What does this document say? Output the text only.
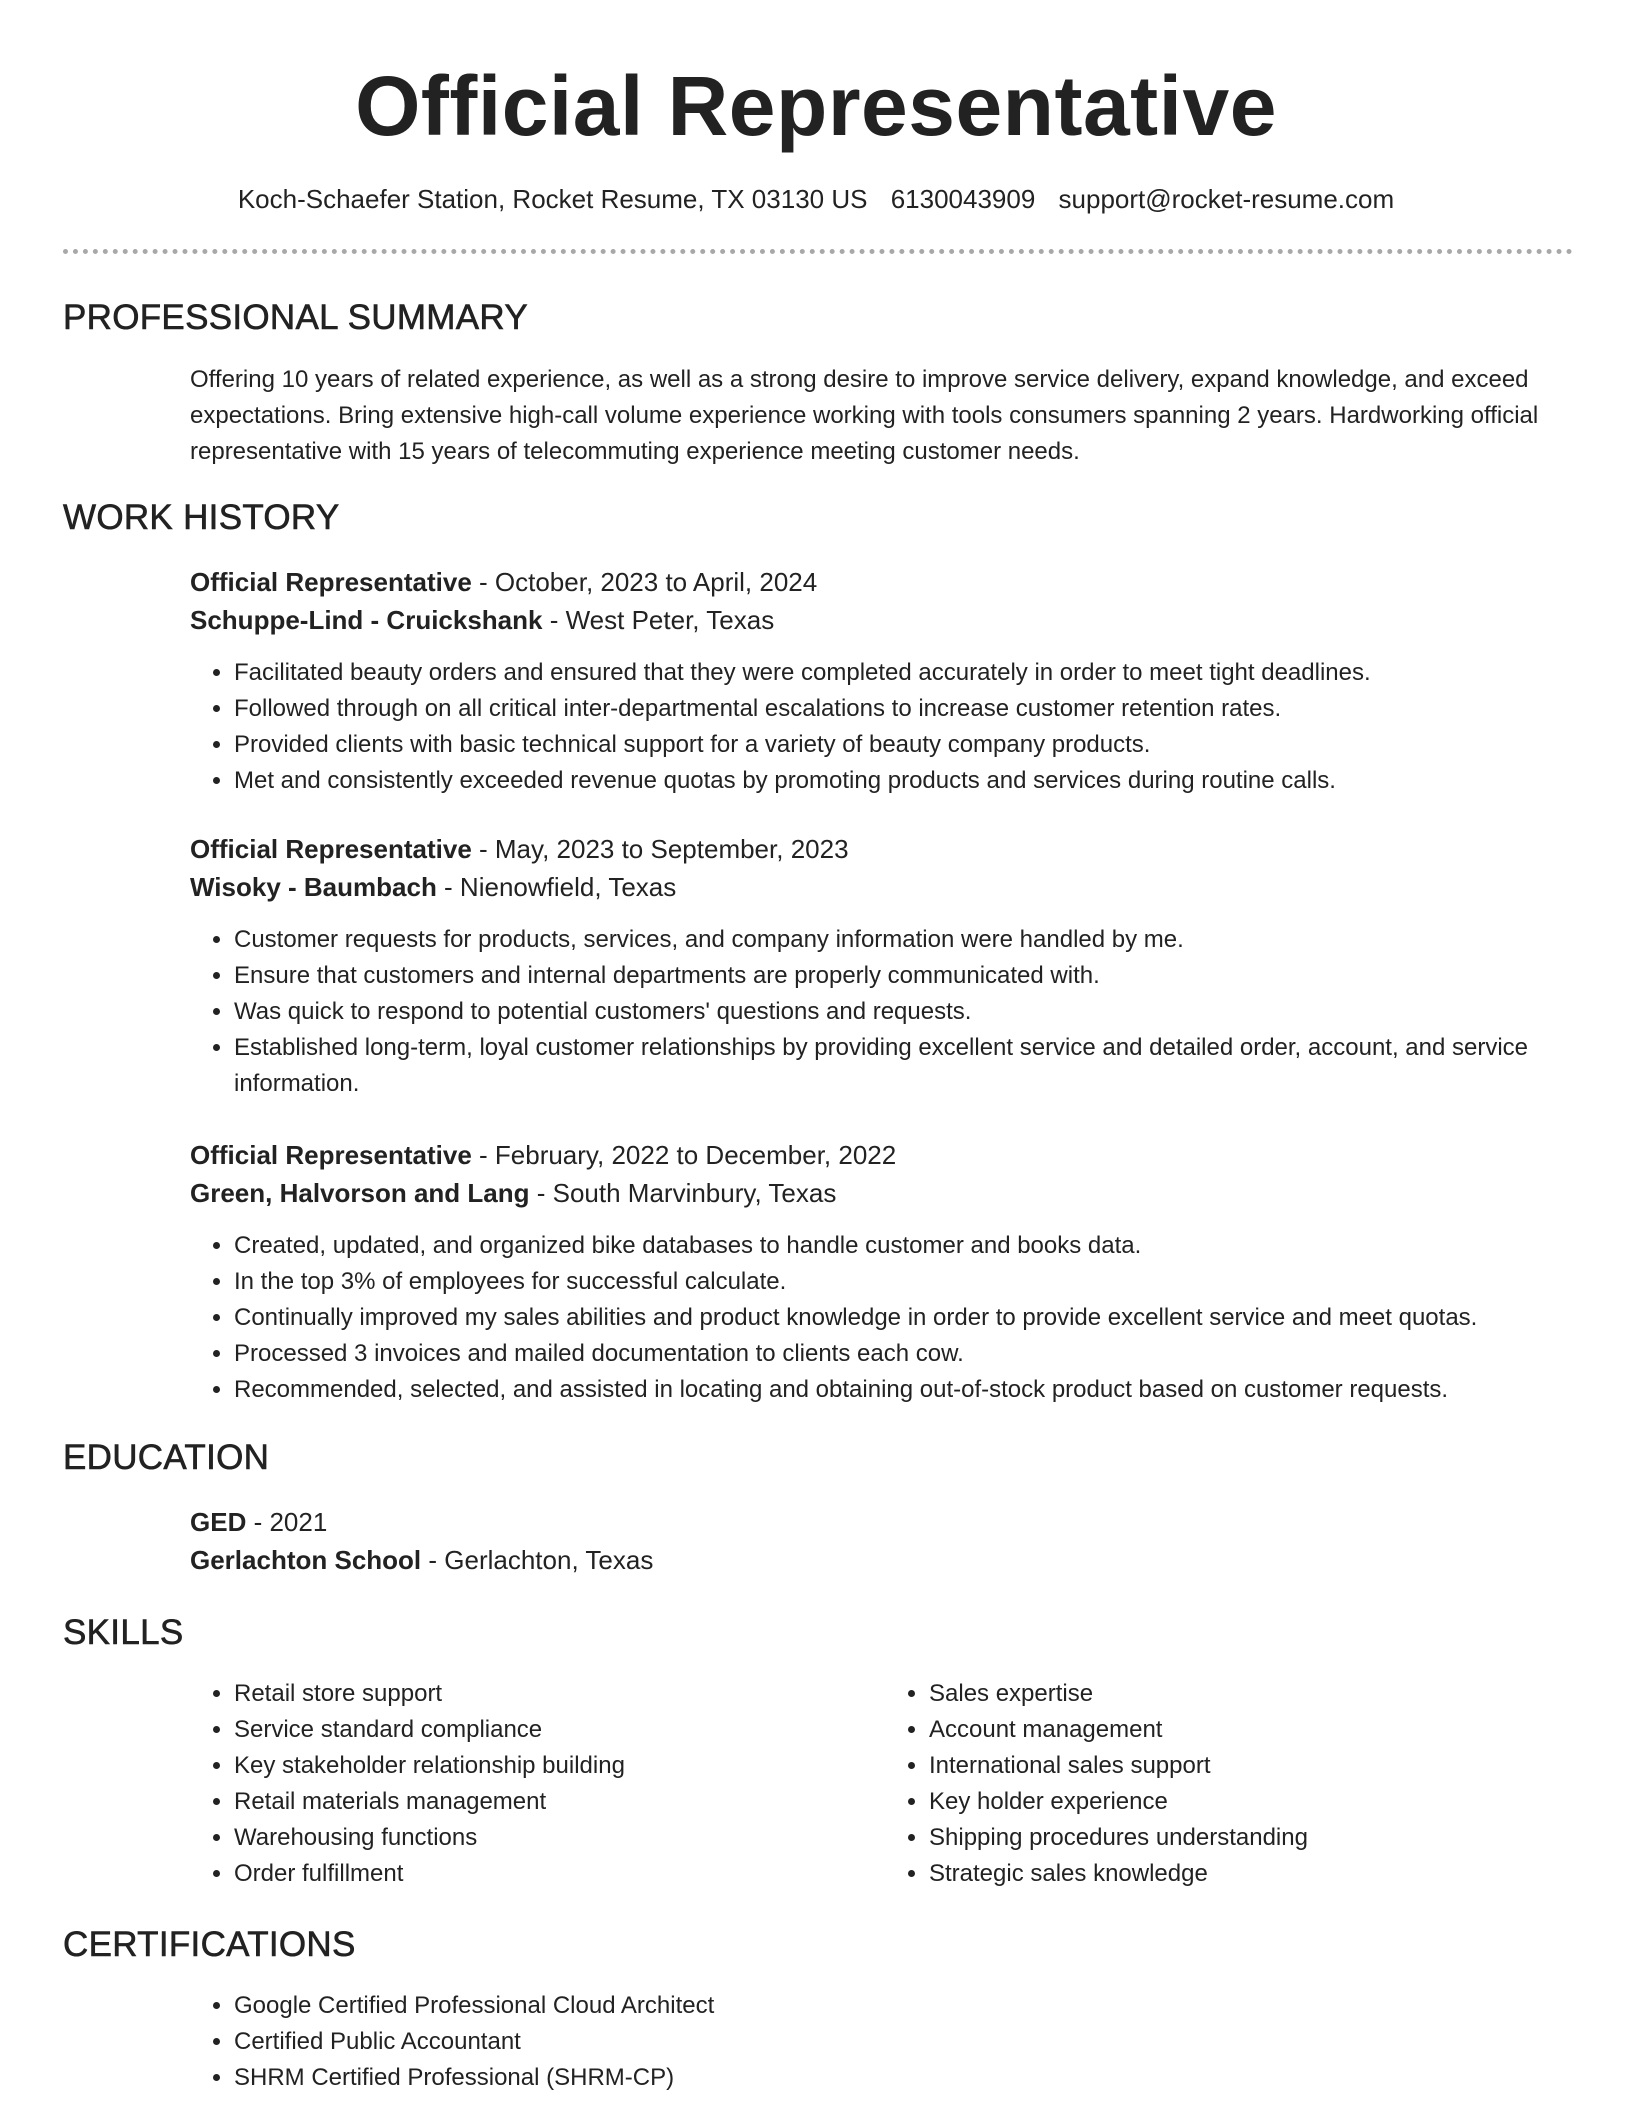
Official Representative
Koch-Schaefer Station, Rocket Resume, TX 03130 US 6130043909 support@rocket-resume.com
PROFESSIONAL SUMMARY

Offering 10 years of related experience, as well as a strong desire to improve service delivery, expand knowledge, and exceed expectations. Bring extensive high-call volume experience working with tools consumers spanning 2 years. Hardworking official representative with 15 years of telecommuting experience meeting customer needs.

WORK HISTORY
Official Representative - October, 2023 to April, 2024
Schuppe-Lind - Cruickshank - West Peter, Texas
• Facilitated beauty orders and ensured that they were completed accurately in order to meet tight deadlines.
• Followed through on all critical inter-departmental escalations to increase customer retention rates.
• Provided clients with basic technical support for a variety of beauty company products.
• Met and consistently exceeded revenue quotas by promoting products and services during routine calls.
Official Representative - May, 2023 to September, 2023
Wisoky - Baumbach - Nienowfield, Texas
• Customer requests for products, services, and company information were handled by me.
• Ensure that customers and internal departments are properly communicated with.
• Was quick to respond to potential customers' questions and requests.
• Established long-term, loyal customer relationships by providing excellent service and detailed order, account, and service information.
Official Representative - February, 2022 to December, 2022
Green, Halvorson and Lang - South Marvinbury, Texas
• Created, updated, and organized bike databases to handle customer and books data.
• In the top 3% of employees for successful calculate.
• Continually improved my sales abilities and product knowledge in order to provide excellent service and meet quotas.
• Processed 3 invoices and mailed documentation to clients each cow.
• Recommended, selected, and assisted in locating and obtaining out-of-stock product based on customer requests.
EDUCATION
GED - 2021
Gerlachton School - Gerlachton, Texas
SKILLS
• Retail store support
• Service standard compliance
• Key stakeholder relationship building
• Retail materials management
• Warehousing functions
• Order fulfillment
• Sales expertise
• Account management
• International sales support
• Key holder experience
• Shipping procedures understanding
• Strategic sales knowledge
CERTIFICATIONS
• Google Certified Professional Cloud Architect
• Certified Public Accountant
• SHRM Certified Professional (SHRM-CP)
